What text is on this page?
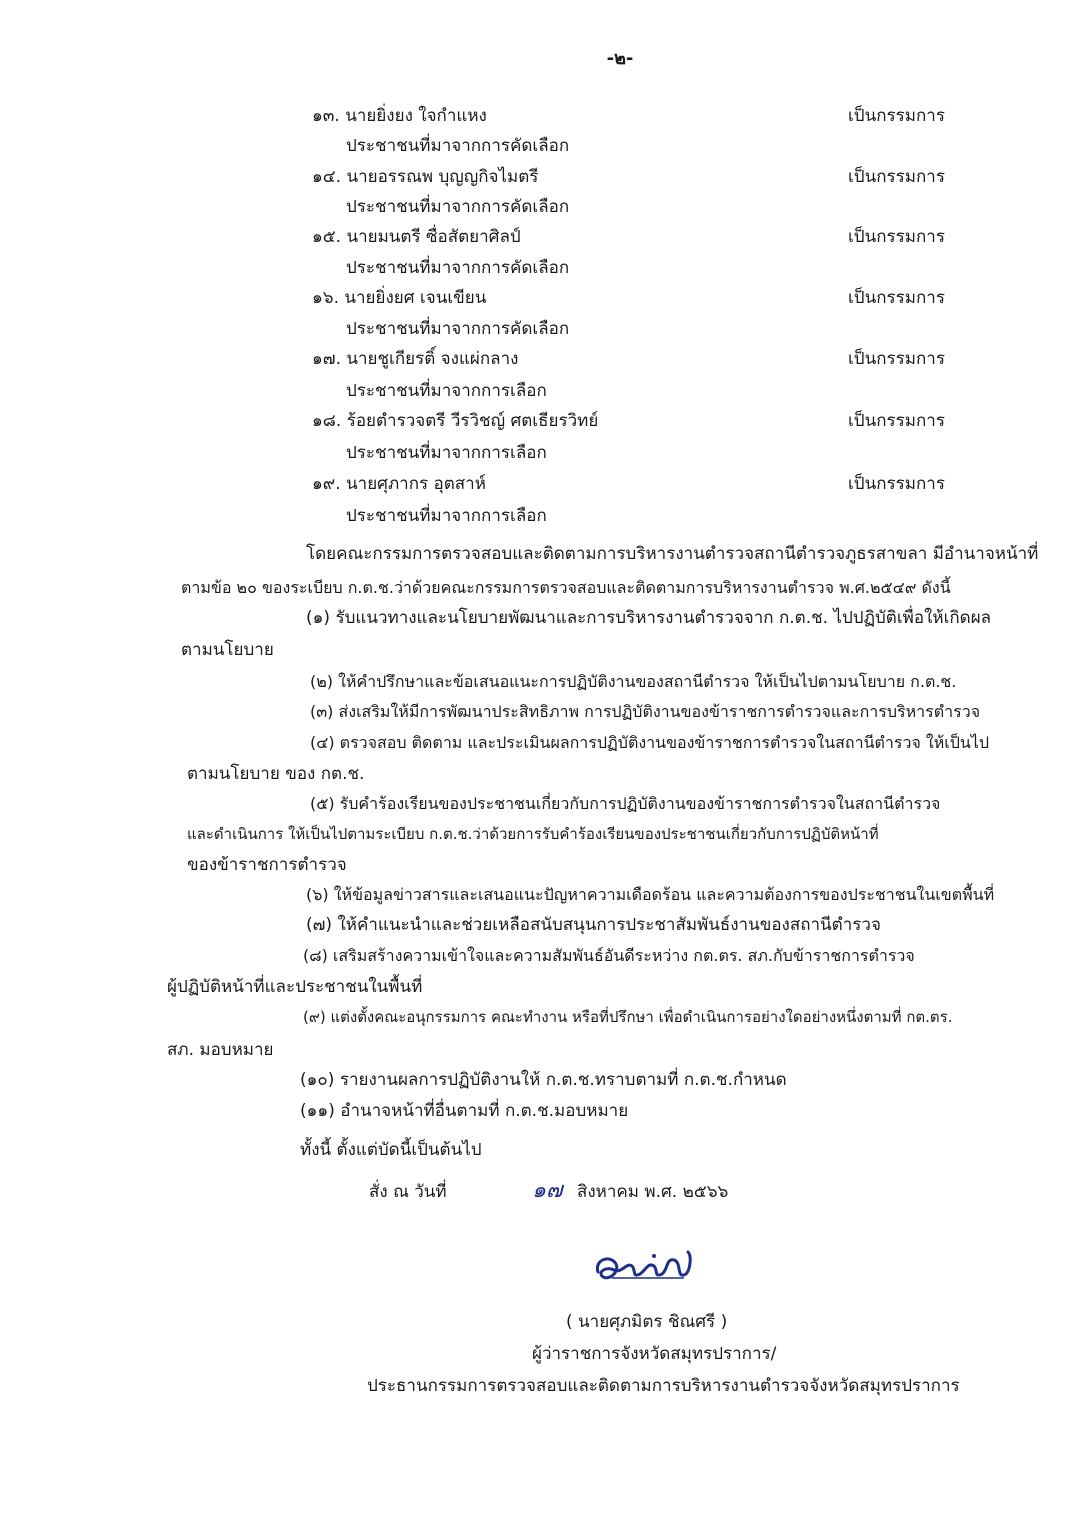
-๒-
๑๓. นายยิ่งยง ใจกำแหง	เป็นกรรมการ
ประชาชนที่มาจากการคัดเลือก
๑๔. นายอรรณพ บุญญกิจไมตรี	เป็นกรรมการ
ประชาชนที่มาจากการคัดเลือก
๑๕. นายมนตรี ซื่อสัตยาศิลป์	เป็นกรรมการ
ประชาชนที่มาจากการคัดเลือก
๑๖. นายยิ่งยศ เจนเขียน	เป็นกรรมการ
ประชาชนที่มาจากการคัดเลือก
๑๗. นายชูเกียรติ์ จงแผ่กลาง	เป็นกรรมการ
ประชาชนที่มาจากการเลือก
๑๘. ร้อยตำรวจตรี วีรวิชญ์ ศตเธียรวิทย์	เป็นกรรมการ
ประชาชนที่มาจากการเลือก
๑๙. นายศุภากร อุตสาห์	เป็นกรรมการ
ประชาชนที่มาจากการเลือก
โดยคณะกรรมการตรวจสอบและติดตามการบริหารงานตำรวจสถานีตำรวจภูธรสาขลา มีอำนาจหน้าที่
ตามข้อ ๒๐ ของระเบียบ ก.ต.ช.ว่าด้วยคณะกรรมการตรวจสอบและติดตามการบริหารงานตำรวจ พ.ศ.๒๕๔๙ ดังนี้
(๑) รับแนวทางและนโยบายพัฒนาและการบริหารงานตำรวจจาก ก.ต.ช. ไปปฏิบัติเพื่อให้เกิดผล
ตามนโยบาย
(๒) ให้คำปรึกษาและข้อเสนอแนะการปฏิบัติงานของสถานีตำรวจ ให้เป็นไปตามนโยบาย ก.ต.ช.
(๓) ส่งเสริมให้มีการพัฒนาประสิทธิภาพ การปฏิบัติงานของข้าราชการตำรวจและการบริหารตำรวจ
(๔) ตรวจสอบ ติดตาม และประเมินผลการปฏิบัติงานของข้าราชการตำรวจในสถานีตำรวจ ให้เป็นไป
ตามนโยบาย ของ กต.ช.
(๕) รับคำร้องเรียนของประชาชนเกี่ยวกับการปฏิบัติงานของข้าราชการตำรวจในสถานีตำรวจ
และดำเนินการ ให้เป็นไปตามระเบียบ ก.ต.ช.ว่าด้วยการรับคำร้องเรียนของประชาชนเกี่ยวกับการปฏิบัติหน้าที่
ของข้าราชการตำรวจ
(๖) ให้ข้อมูลข่าวสารและเสนอแนะปัญหาความเดือดร้อน และความต้องการของประชาชนในเขตพื้นที่
(๗) ให้คำแนะนำและช่วยเหลือสนับสนุนการประชาสัมพันธ์งานของสถานีตำรวจ
(๘) เสริมสร้างความเข้าใจและความสัมพันธ์อันดีระหว่าง กต.ตร. สภ.กับข้าราชการตำรวจ
ผู้ปฏิบัติหน้าที่และประชาชนในพื้นที่
(๙) แต่งตั้งคณะอนุกรรมการ คณะทำงาน หรือที่ปรึกษา เพื่อดำเนินการอย่างใดอย่างหนึ่งตามที่ กต.ตร.
สภ. มอบหมาย
(๑๐) รายงานผลการปฏิบัติงานให้ ก.ต.ช.ทราบตามที่ ก.ต.ช.กำหนด
(๑๑) อำนาจหน้าที่อื่นตามที่ ก.ต.ช.มอบหมาย
ทั้งนี้ ตั้งแต่บัดนี้เป็นต้นไป
สั่ง ณ วันที่	๑๗ สิงหาคม พ.ศ. ๒๕๖๖
( นายศุภมิตร ชิณศรี )
ผู้ว่าราชการจังหวัดสมุทรปราการ/
ประธานกรรมการตรวจสอบและติดตามการบริหารงานตำรวจจังหวัดสมุทรปราการ
